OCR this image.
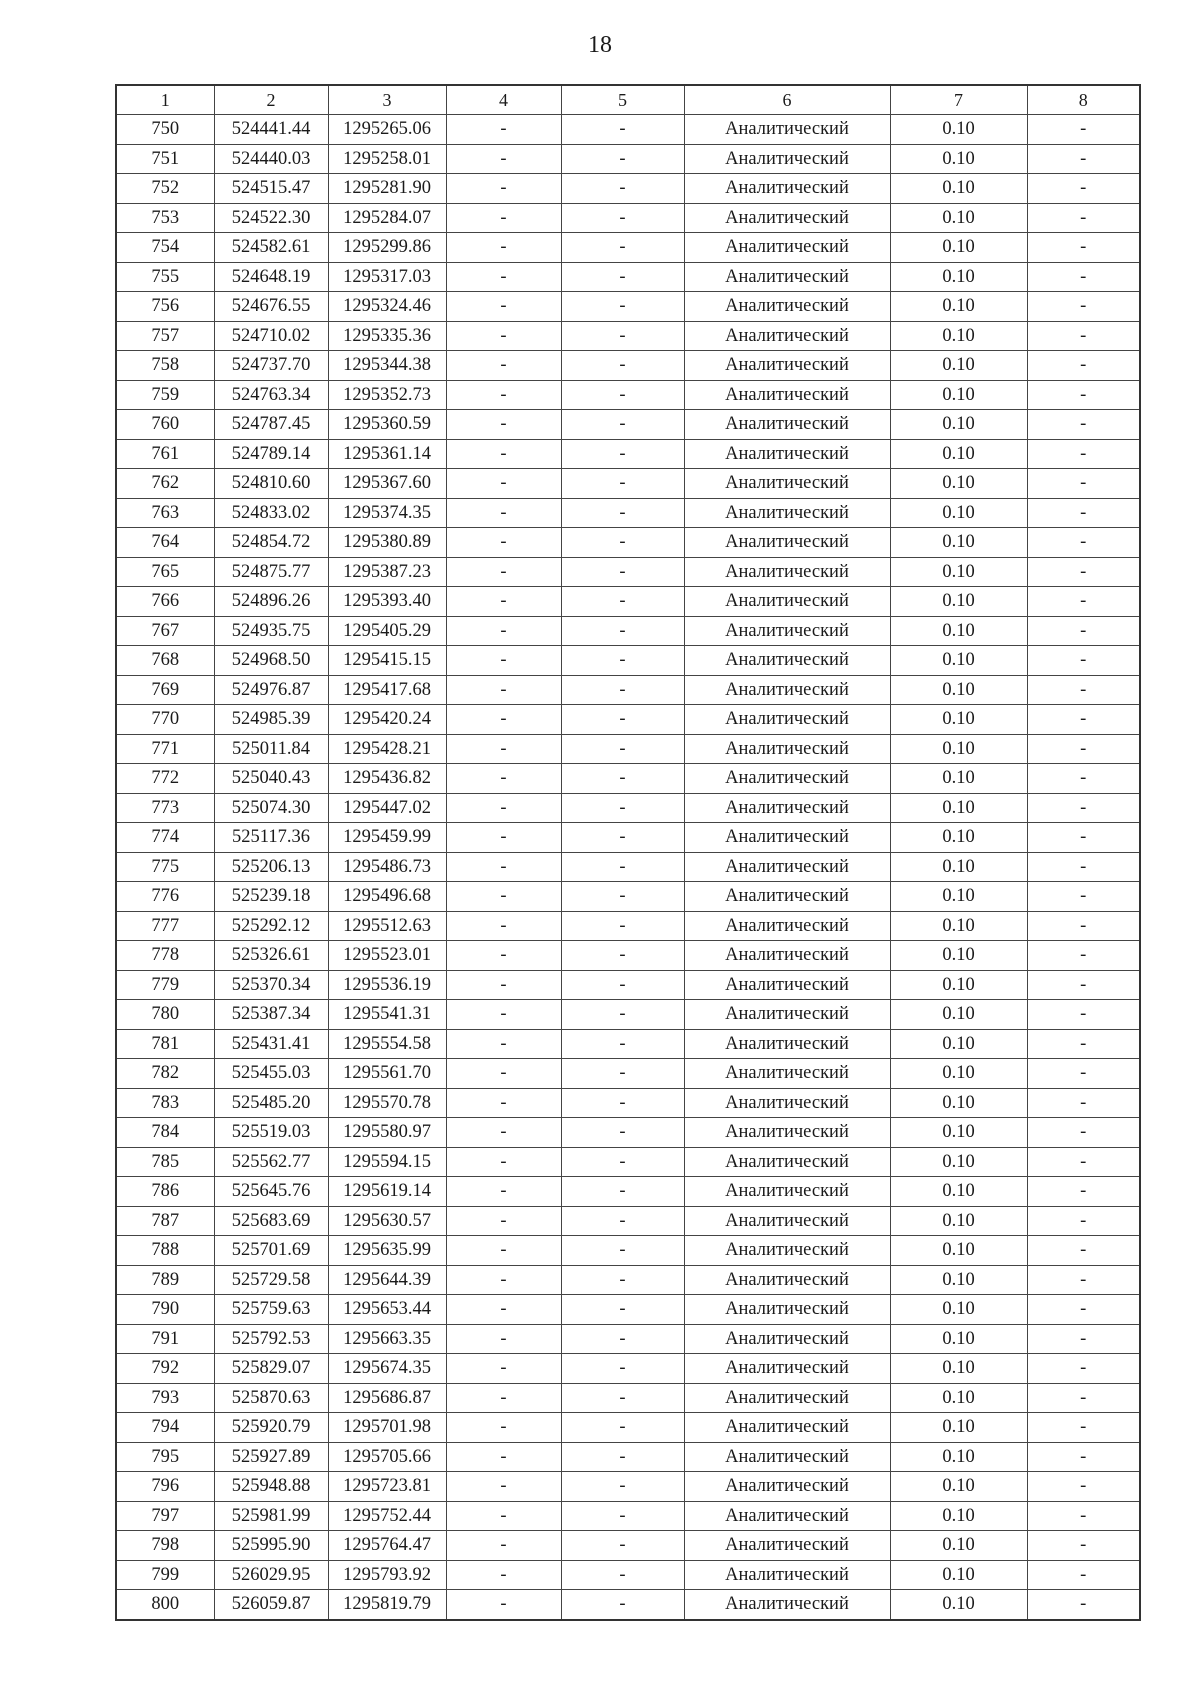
18
1	2	3	4	5	6	7	8
750	524441.44	1295265.06	-	-	Аналитический	0.10	-
751	524440.03	1295258.01	-	-	Аналитический	0.10	-
752	524515.47	1295281.90	-	-	Аналитический	0.10	-
753	524522.30	1295284.07	-	-	Аналитический	0.10	-
754	524582.61	1295299.86	-	-	Аналитический	0.10	-
755	524648.19	1295317.03	-	-	Аналитический	0.10	-
756	524676.55	1295324.46	-	-	Аналитический	0.10	-
757	524710.02	1295335.36	-	-	Аналитический	0.10	-
758	524737.70	1295344.38	-	-	Аналитический	0.10	-
759	524763.34	1295352.73	-	-	Аналитический	0.10	-
760	524787.45	1295360.59	-	-	Аналитический	0.10	-
761	524789.14	1295361.14	-	-	Аналитический	0.10	-
762	524810.60	1295367.60	-	-	Аналитический	0.10	-
763	524833.02	1295374.35	-	-	Аналитический	0.10	-
764	524854.72	1295380.89	-	-	Аналитический	0.10	-
765	524875.77	1295387.23	-	-	Аналитический	0.10	-
766	524896.26	1295393.40	-	-	Аналитический	0.10	-
767	524935.75	1295405.29	-	-	Аналитический	0.10	-
768	524968.50	1295415.15	-	-	Аналитический	0.10	-
769	524976.87	1295417.68	-	-	Аналитический	0.10	-
770	524985.39	1295420.24	-	-	Аналитический	0.10	-
771	525011.84	1295428.21	-	-	Аналитический	0.10	-
772	525040.43	1295436.82	-	-	Аналитический	0.10	-
773	525074.30	1295447.02	-	-	Аналитический	0.10	-
774	525117.36	1295459.99	-	-	Аналитический	0.10	-
775	525206.13	1295486.73	-	-	Аналитический	0.10	-
776	525239.18	1295496.68	-	-	Аналитический	0.10	-
777	525292.12	1295512.63	-	-	Аналитический	0.10	-
778	525326.61	1295523.01	-	-	Аналитический	0.10	-
779	525370.34	1295536.19	-	-	Аналитический	0.10	-
780	525387.34	1295541.31	-	-	Аналитический	0.10	-
781	525431.41	1295554.58	-	-	Аналитический	0.10	-
782	525455.03	1295561.70	-	-	Аналитический	0.10	-
783	525485.20	1295570.78	-	-	Аналитический	0.10	-
784	525519.03	1295580.97	-	-	Аналитический	0.10	-
785	525562.77	1295594.15	-	-	Аналитический	0.10	-
786	525645.76	1295619.14	-	-	Аналитический	0.10	-
787	525683.69	1295630.57	-	-	Аналитический	0.10	-
788	525701.69	1295635.99	-	-	Аналитический	0.10	-
789	525729.58	1295644.39	-	-	Аналитический	0.10	-
790	525759.63	1295653.44	-	-	Аналитический	0.10	-
791	525792.53	1295663.35	-	-	Аналитический	0.10	-
792	525829.07	1295674.35	-	-	Аналитический	0.10	-
793	525870.63	1295686.87	-	-	Аналитический	0.10	-
794	525920.79	1295701.98	-	-	Аналитический	0.10	-
795	525927.89	1295705.66	-	-	Аналитический	0.10	-
796	525948.88	1295723.81	-	-	Аналитический	0.10	-
797	525981.99	1295752.44	-	-	Аналитический	0.10	-
798	525995.90	1295764.47	-	-	Аналитический	0.10	-
799	526029.95	1295793.92	-	-	Аналитический	0.10	-
800	526059.87	1295819.79	-	-	Аналитический	0.10	-
